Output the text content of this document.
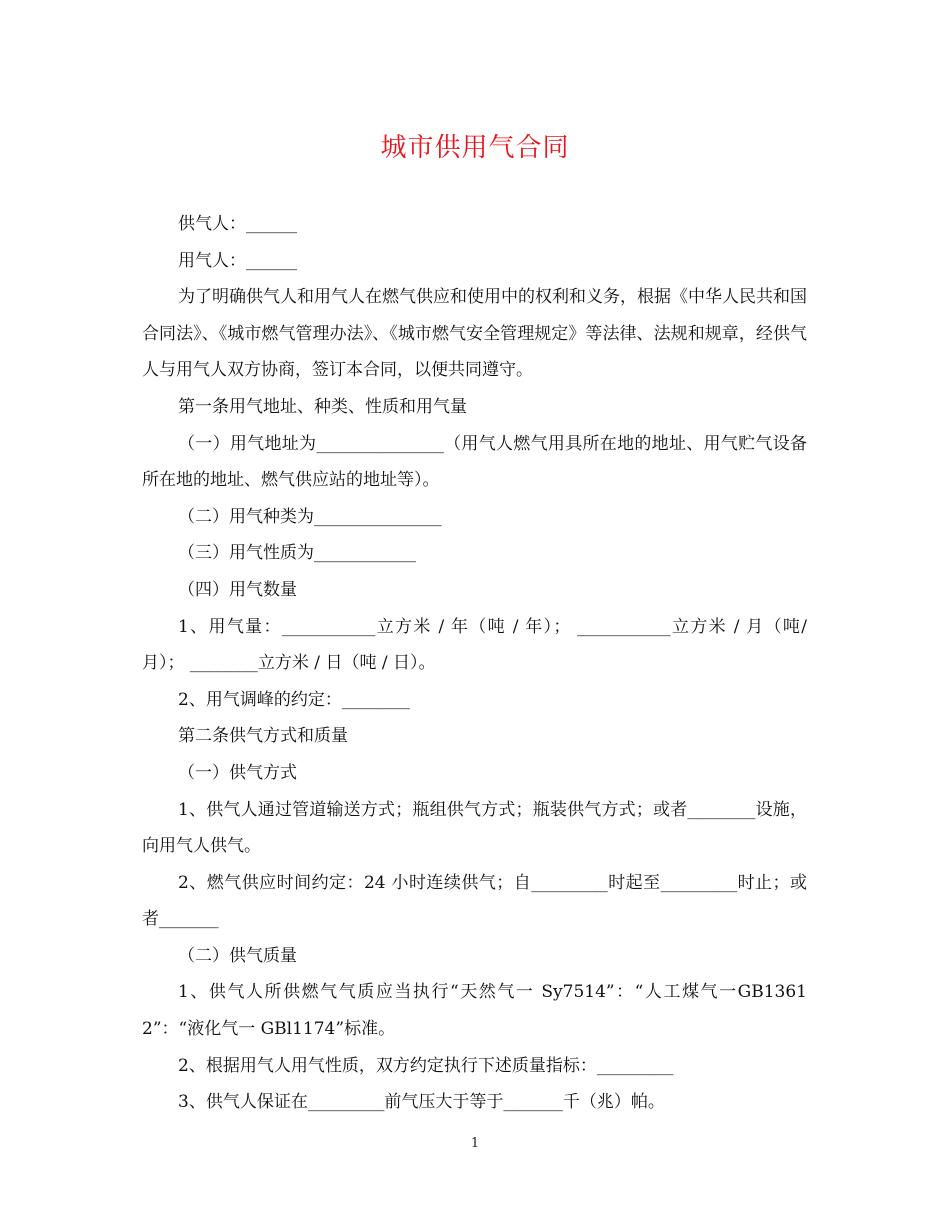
城市供用气合同

供气人：______

用气人：______

为了明确供气人和用气人在燃气供应和使用中的权利和义务，根据《中华人民共和国合同法》、《城市燃气管理办法》、《城市燃气安全管理规定》等法律、法规和规章，经供气人与用气人双方协商，签订本合同，以便共同遵守。

第一条用气地址、种类、性质和用气量

（一）用气地址为_______________（用气人燃气用具所在地的地址、用气贮气设备所在地的地址、燃气供应站的地址等）。

（二）用气种类为_______________

（三）用气性质为____________

（四）用气数量

1、用气量：___________立方米 / 年（吨 / 年）； ___________立方米 / 月（吨/月）； ________立方米 / 日（吨 / 日）。

2、用气调峰的约定：________

第二条供气方式和质量

（一）供气方式

1、供气人通过管道输送方式；瓶组供气方式；瓶装供气方式；或者________设施，向用气人供气。

2、燃气供应时间约定：24 小时连续供气；自_________时起至_________时止；或者_______

（二）供气质量

1、供气人所供燃气气质应当执行“天然气一 Sy7514”：“人工煤气一GB13612”：“液化气一 GBl1174”标准。

2、根据用气人用气性质，双方约定执行下述质量指标：_________

3、供气人保证在_________前气压大于等于_______千（兆）帕。

1
